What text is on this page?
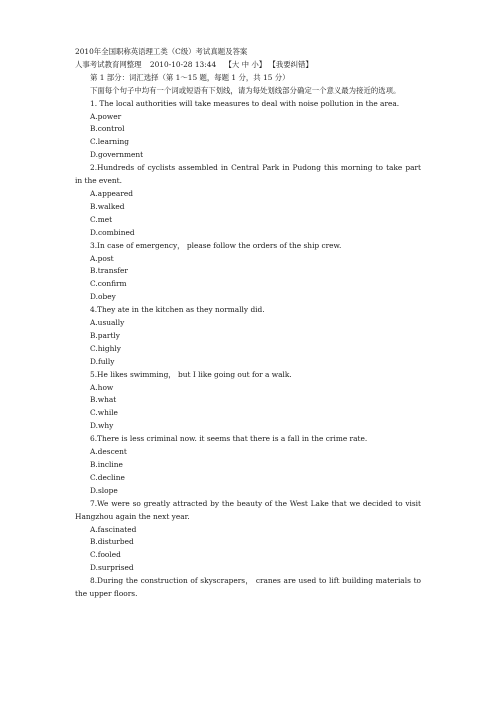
2010年全国职称英语理工类（C级）考试真题及答案
人事考试教育网整理 2010-10-28 13:44 【大 中 小】 【我要纠错】
第 1 部分：词汇选择（第 1～15 题，每题 1 分，共 15 分）
下面每个句子中均有一个词或短语有下划线，请为每处划线部分确定一个意义最为接近的选项。
1. The local authorities will take measures to deal with noise pollution in the area.
A.power
B.control
C.learning
D.government
2.Hundreds of cyclists assembled in Central Park in Pudong this morning to take part in the event.
A.appeared
B.walked
C.met
D.combined
3.In case of emergency， please follow the orders of the ship crew.
A.post
B.transfer
C.confirm
D.obey
4.They ate in the kitchen as they normally did.
A.usually
B.partly
C.highly
D.fully
5.He likes swimming， but I like going out for a walk.
A.how
B.what
C.while
D.why
6.There is less criminal now. it seems that there is a fall in the crime rate.
A.descent
B.incline
C.decline
D.slope
7.We were so greatly attracted by the beauty of the West Lake that we decided to visit Hangzhou again the next year.
A.fascinated
B.disturbed
C.fooled
D.surprised
8.During the construction of skyscrapers， cranes are used to lift building materials to the upper floors.
